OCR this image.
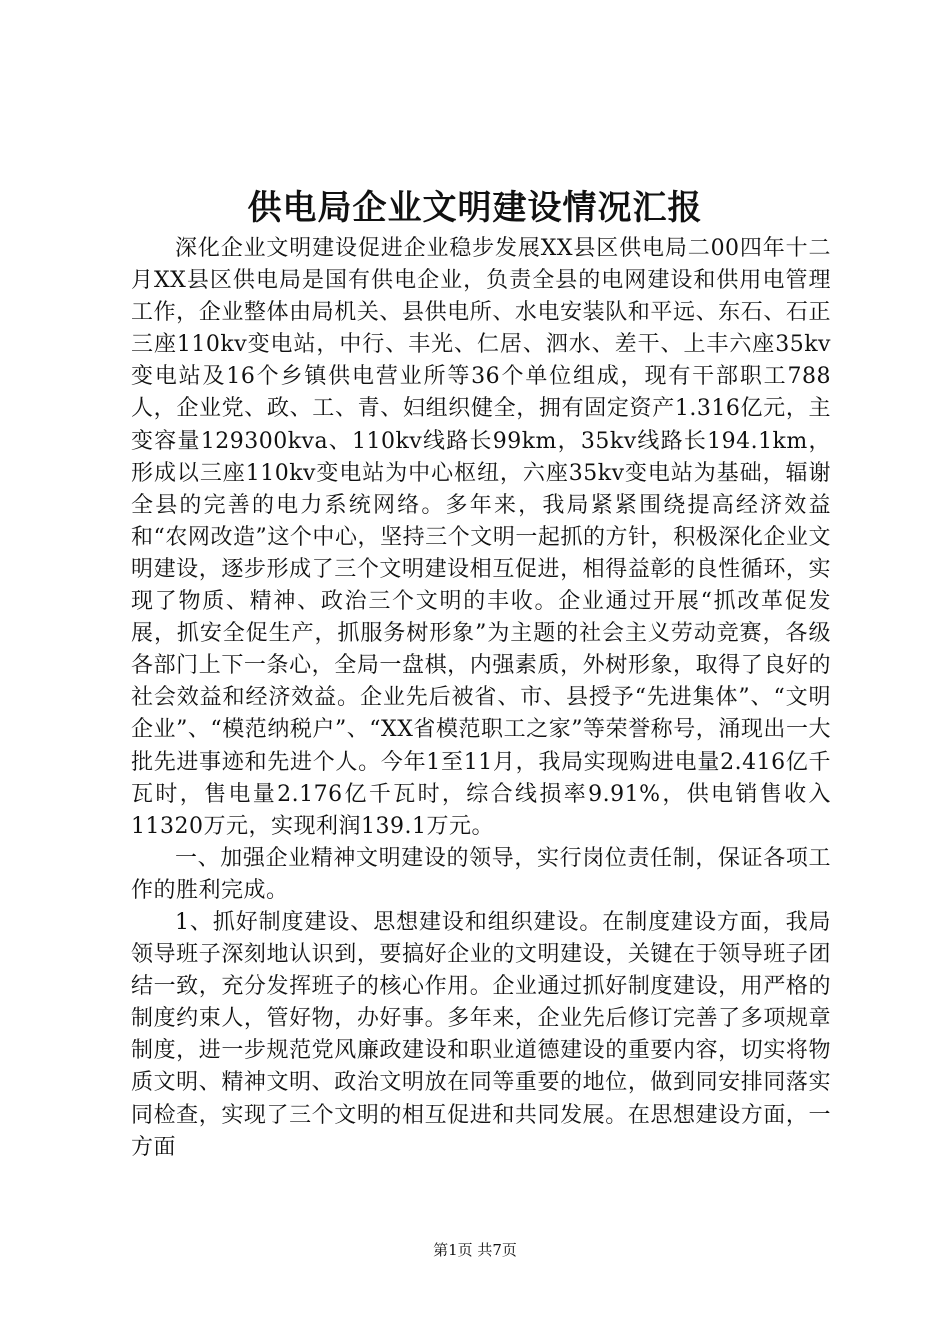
供电局企业文明建设情况汇报

深化企业文明建设促进企业稳步发展XX县区供电局二00四年十二月XX县区供电局是国有供电企业，负责全县的电网建设和供用电管理工作，企业整体由局机关、县供电所、水电安装队和平远、东石、石正三座110kv变电站，中行、丰光、仁居、泗水、差干、上丰六座35kv变电站及16个乡镇供电营业所等36个单位组成，现有干部职工788人，企业党、政、工、青、妇组织健全，拥有固定资产1.316亿元，主变容量129300kva、110kv线路长99km，35kv线路长194.1km，形成以三座110kv变电站为中心枢纽，六座35kv变电站为基础，辐谢全县的完善的电力系统网络。多年来，我局紧紧围绕提高经济效益和“农网改造”这个中心，坚持三个文明一起抓的方针，积极深化企业文明建设，逐步形成了三个文明建设相互促进，相得益彰的良性循环，实现了物质、精神、政治三个文明的丰收。企业通过开展“抓改革促发展，抓安全促生产，抓服务树形象”为主题的社会主义劳动竞赛，各级各部门上下一条心，全局一盘棋，内强素质，外树形象，取得了良好的社会效益和经济效益。企业先后被省、市、县授予“先进集体”、“文明企业”、“模范纳税户”、“XX省模范职工之家”等荣誉称号，涌现出一大批先进事迹和先进个人。今年1至11月，我局实现购进电量2.416亿千瓦时，售电量2.176亿千瓦时，综合线损率9.91%，供电销售收入11320万元，实现利润139.1万元。

一、加强企业精神文明建设的领导，实行岗位责任制，保证各项工作的胜利完成。

1、抓好制度建设、思想建设和组织建设。在制度建设方面，我局领导班子深刻地认识到，要搞好企业的文明建设，关键在于领导班子团结一致，充分发挥班子的核心作用。企业通过抓好制度建设，用严格的制度约束人，管好物，办好事。多年来，企业先后修订完善了多项规章制度，进一步规范党风廉政建设和职业道德建设的重要内容，切实将物质文明、精神文明、政治文明放在同等重要的地位，做到同安排同落实同检查，实现了三个文明的相互促进和共同发展。在思想建设方面，一方面

第1页 共7页
